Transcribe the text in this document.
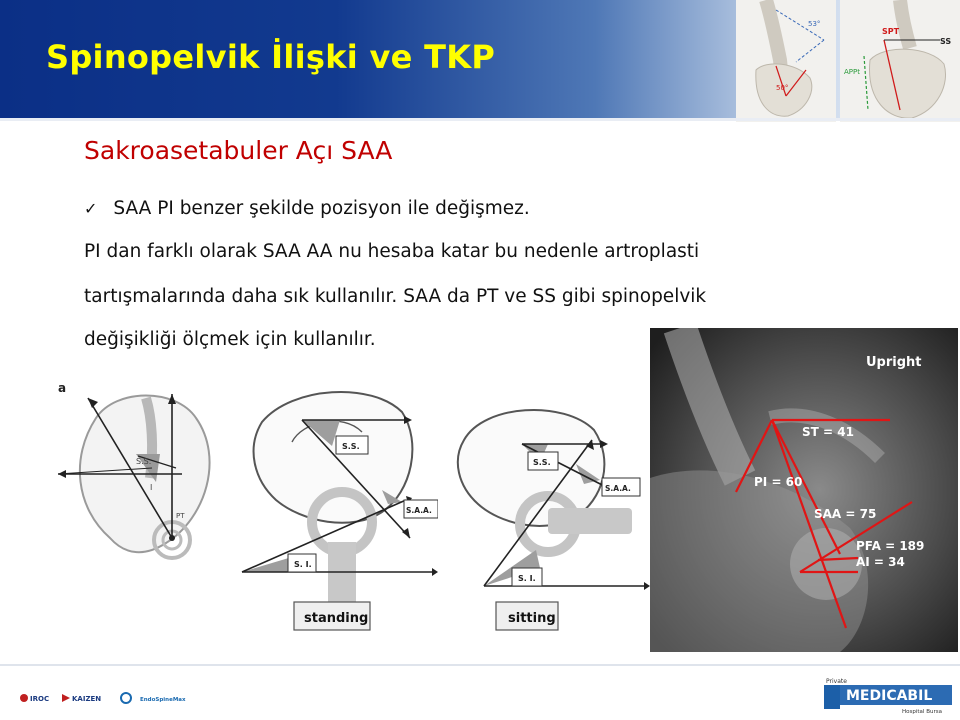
Spinopelvik İlişki ve TKP
53°
50°
SPT
SS
APPt
Sakroasetabuler Açı SAA
✓ SAA PI benzer şekilde pozisyon ile değişmez.
PI dan farklı olarak SAA AA nu hesaba katar bu nedenle artroplasti
tartışmalarında daha sık kullanılır. SAA da PT ve SS gibi spinopelvik
değişikliği ölçmek için kullanılır.
a
S.S.
I
PT
S.S.
S.A.A.
S. I.
standing
S.S.
S.A.A.
S. I.
sitting
Upright
ST = 41
PI = 60
SAA = 75
PFA = 189
AI = 34
IROC	KAIZEN	EndoSpineMax
Private
MEDICABIL
Hospital Bursa
